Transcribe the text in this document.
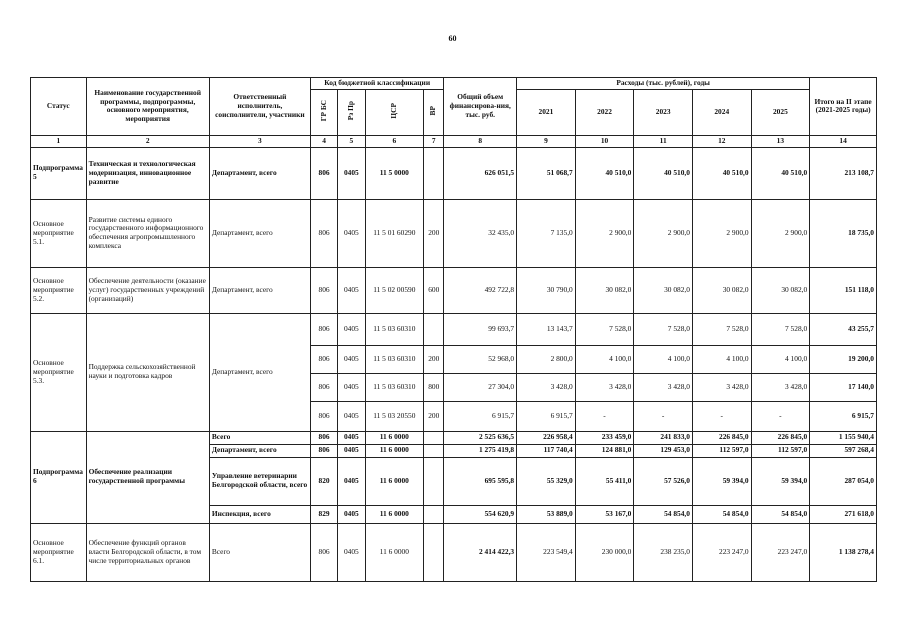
60
Статус	Наименование государственной программы, подпрограммы, основного мероприятия, мероприятия	Ответственный исполнитель, соисполнители, участники	Код бюджетной классификации				Общий объем финансирова-ния, тыс. руб.	Расходы (тыс. рублей), годы					Итого на II этапе (2021-2025 годы)
			ГР БС	Рз Пр	ЦСР	ВР		2021	2022	2023	2024	2025	
1	2	3	4	5	6	7	8	9	10	11	12	13	14
Подпрограмма 5	Техническая и технологическая модернизация, инновационное развитие	Департамент, всего	806	0405	11 5 0000		626 051,5	51 068,7	40 510,0	40 510,0	40 510,0	40 510,0	213 108,7
Основное мероприятие 5.1.	Развитие системы единого государственного информационного обеспечения агропромышленного комплекса	Департамент, всего	806	0405	11 5 01 60290	200	32 435,0	7 135,0	2 900,0	2 900,0	2 900,0	2 900,0	18 735,0
Основное мероприятие 5.2.	Обеспечение деятельности (оказание услуг) государственных учреждений (организаций)	Департамент, всего	806	0405	11 5 02 00590	600	492 722,8	30 790,0	30 082,0	30 082,0	30 082,0	30 082,0	151 118,0
Основное мероприятие 5.3.	Поддержка сельскохозяйственной науки и подготовка кадров	Департамент, всего	806	0405	11 5 03 60310		99 693,7	13 143,7	7 528,0	7 528,0	7 528,0	7 528,0	43 255,7
			806	0405	11 5 03 60310	200	52 968,0	2 800,0	4 100,0	4 100,0	4 100,0	4 100,0	19 200,0
			806	0405	11 5 03 60310	800	27 304,0	3 428,0	3 428,0	3 428,0	3 428,0	3 428,0	17 140,0
			806	0405	11 5 03 20550	200	6 915,7	6 915,7	-	-	-	-	6 915,7
Подпрограмма 6	Обеспечение реализации государственной программы	Всего	806	0405	11 6 0000		2 525 636,5	226 958,4	233 459,0	241 833,0	226 845,0	226 845,0	1 155 940,4
		Департамент, всего	806	0405	11 6 0000		1 275 419,8	117 740,4	124 881,0	129 453,0	112 597,0	112 597,0	597 268,4
		Управление ветеринарии Белгородской области, всего	820	0405	11 6 0000		695 595,8	55 329,0	55 411,0	57 526,0	59 394,0	59 394,0	287 054,0
		Инспекция, всего	829	0405	11 6 0000		554 620,9	53 889,0	53 167,0	54 854,0	54 854,0	54 854,0	271 618,0
Основное мероприятие 6.1.	Обеспечение функций органов власти Белгородской области, в том числе территориальных органов	Всего	806	0405	11 6 0000		2 414 422,3	223 549,4	230 000,0	238 235,0	223 247,0	223 247,0	1 138 278,4
